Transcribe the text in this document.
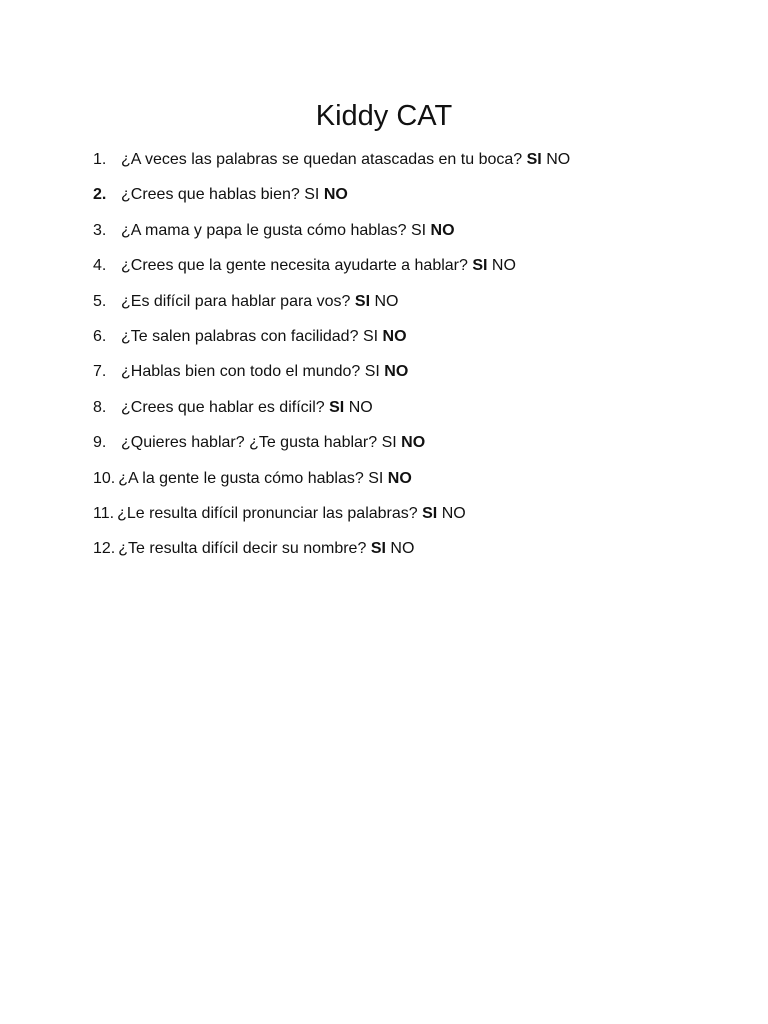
Kiddy CAT
1. ¿A veces las palabras se quedan atascadas en tu boca? SI NO
2. ¿Crees que hablas bien? SI NO
3. ¿A mama y papa le gusta cómo hablas? SI NO
4. ¿Crees que la gente necesita ayudarte a hablar? SI NO
5. ¿Es difícil para hablar para vos? SI NO
6. ¿Te salen palabras con facilidad? SI NO
7. ¿Hablas bien con todo el mundo? SI NO
8. ¿Crees que hablar es difícil? SI NO
9. ¿Quieres hablar? ¿Te gusta hablar? SI NO
10. ¿A la gente le gusta cómo hablas? SI NO
11. ¿Le resulta difícil pronunciar las palabras? SI NO
12. ¿Te resulta difícil decir su nombre? SI NO
